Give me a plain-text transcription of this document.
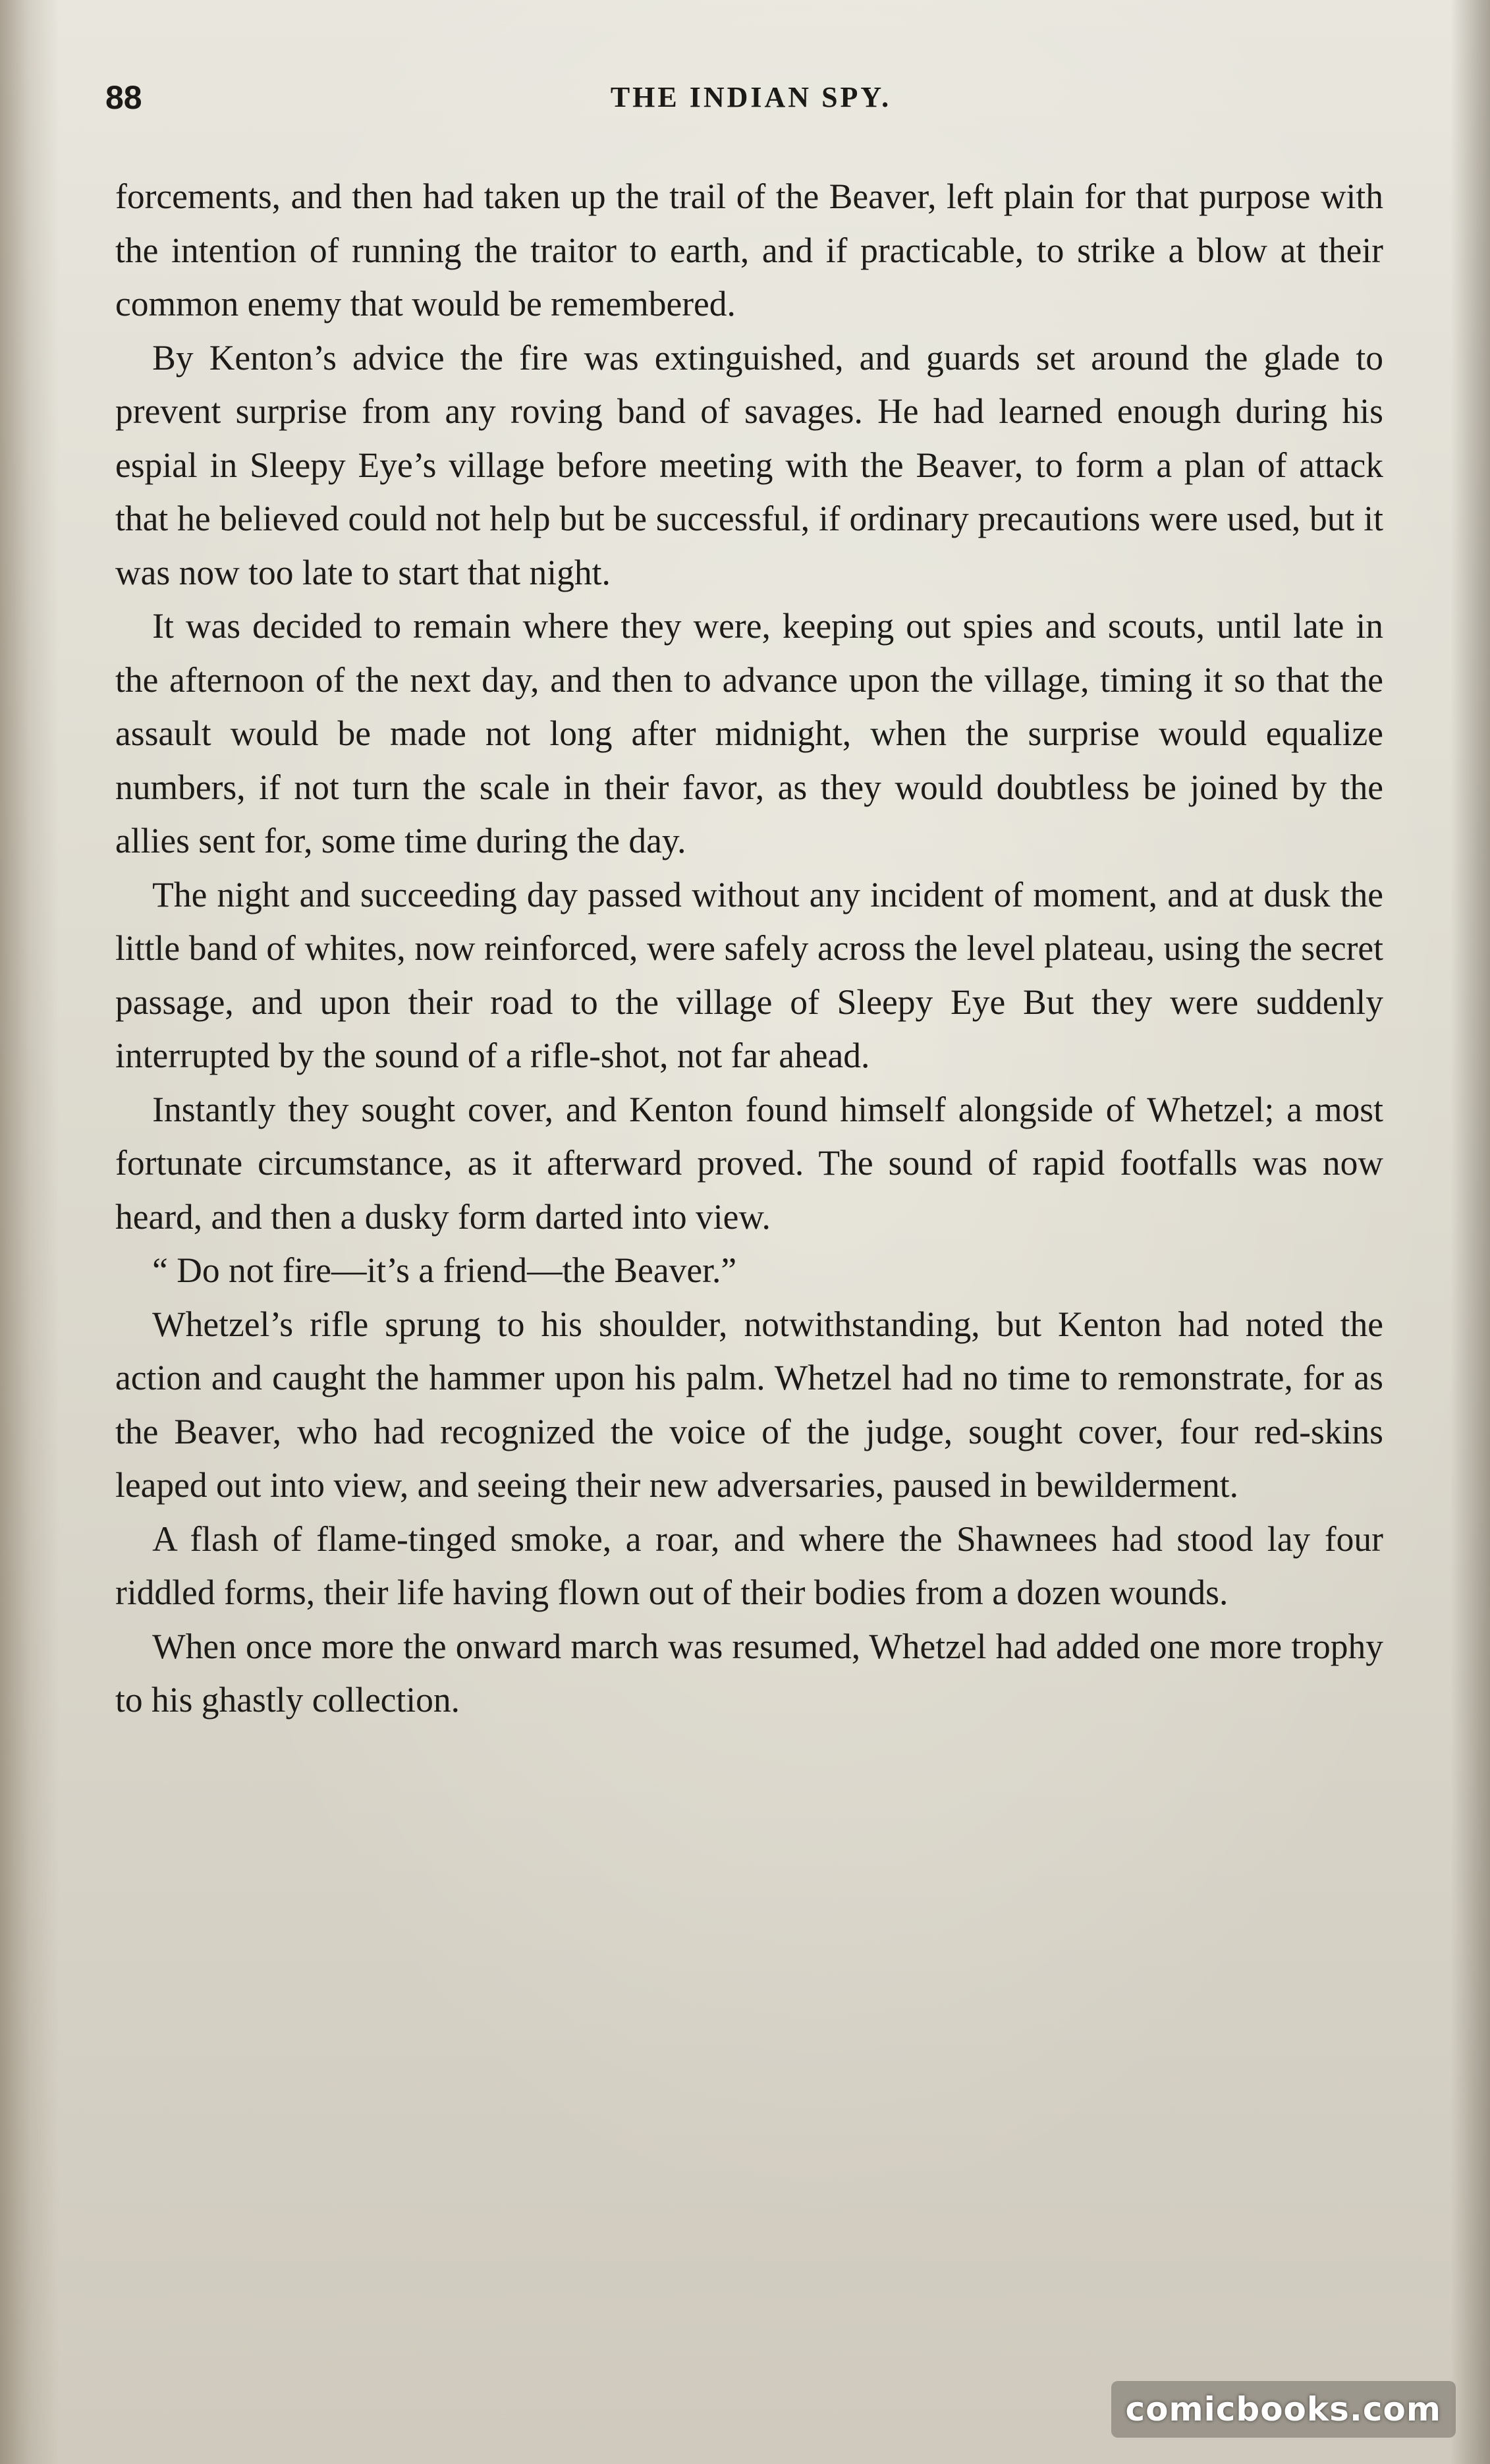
88	THE INDIAN SPY.

forcements, and then had taken up the trail of the Beaver, left plain for that purpose with the intention of running the traitor to earth, and if practicable, to strike a blow at their common enemy that would be remembered.

By Kenton’s advice the fire was extinguished, and guards set around the glade to prevent surprise from any roving band of savages. He had learned enough during his espial in Sleepy Eye’s village before meeting with the Beaver, to form a plan of attack that he believed could not help but be successful, if ordinary precautions were used, but it was now too late to start that night.

It was decided to remain where they were, keeping out spies and scouts, until late in the afternoon of the next day, and then to advance upon the village, timing it so that the assault would be made not long after midnight, when the surprise would equalize numbers, if not turn the scale in their favor, as they would doubtless be joined by the allies sent for, some time during the day.

The night and succeeding day passed without any incident of moment, and at dusk the little band of whites, now reinforced, were safely across the level plateau, using the secret passage, and upon their road to the village of Sleepy Eye But they were suddenly interrupted by the sound of a rifle-shot, not far ahead.

Instantly they sought cover, and Kenton found himself alongside of Whetzel; a most fortunate circumstance, as it afterward proved. The sound of rapid footfalls was now heard, and then a dusky form darted into view.

“ Do not fire—it’s a friend—the Beaver.”

Whetzel’s rifle sprung to his shoulder, notwithstanding, but Kenton had noted the action and caught the hammer upon his palm. Whetzel had no time to remonstrate, for as the Beaver, who had recognized the voice of the judge, sought cover, four red-skins leaped out into view, and seeing their new adversaries, paused in bewilderment.

A flash of flame-tinged smoke, a roar, and where the Shawnees had stood lay four riddled forms, their life having flown out of their bodies from a dozen wounds.

When once more the onward march was resumed, Whetzel had added one more trophy to his ghastly collection.

comicbooks.com
